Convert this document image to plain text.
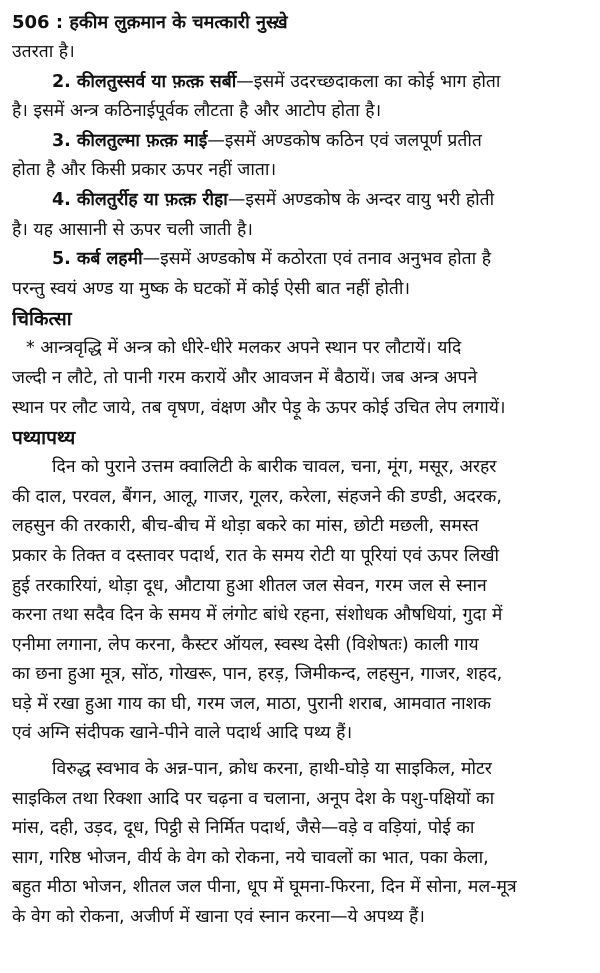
506 : हकीम लुक़मान के चमत्कारी नुस्ख़े
उतरता है।
2. कीलतुस्सर्व या फ़त्क़ सर्बी—इसमें उदरच्छदाकला का कोई भाग होता
है। इसमें अन्त्र कठिनाईपूर्वक लौटता है और आटोप होता है।
3. कीलतुल्मा फ़त्क़ माई—इसमें अण्डकोष कठिन एवं जलपूर्ण प्रतीत
होता है और किसी प्रकार ऊपर नहीं जाता।
4. कीलतुर्रीह या फ़त्क़ रीहा—इसमें अण्डकोष के अन्दर वायु भरी होती
है। यह आसानी से ऊपर चली जाती है।
5. कर्ब लहमी—इसमें अण्डकोष में कठोरता एवं तनाव अनुभव होता है
परन्तु स्वयं अण्ड या मुष्क के घटकों में कोई ऐसी बात नहीं होती।
चिकित्सा
* आन्त्रवृद्धि में अन्त्र को धीरे-धीरे मलकर अपने स्थान पर लौटायें। यदि
जल्दी न लौटे, तो पानी गरम करायें और आवजन में बैठायें। जब अन्त्र अपने
स्थान पर लौट जाये, तब वृषण, वंक्षण और पेड़ू के ऊपर कोई उचित लेप लगायें।
पथ्यापथ्य
दिन को पुराने उत्तम क्वालिटी के बारीक चावल, चना, मूंग, मसूर, अरहर
की दाल, परवल, बैंगन, आलू, गाजर, गूलर, करेला, संहजने की डण्डी, अदरक,
लहसुन की तरकारी, बीच-बीच में थोड़ा बकरे का मांस, छोटी मछली, समस्त
प्रकार के तिक्त व दस्तावर पदार्थ, रात के समय रोटी या पूरियां एवं ऊपर लिखी
हुई तरकारियां, थोड़ा दूध, औटाया हुआ शीतल जल सेवन, गरम जल से स्नान
करना तथा सदैव दिन के समय में लंगोट बांधे रहना, संशोधक औषधियां, गुदा में
एनीमा लगाना, लेप करना, कैस्टर ऑयल, स्वस्थ देसी (विशेषतः) काली गाय
का छना हुआ मूत्र, सोंठ, गोखरू, पान, हरड़, जिमीकन्द, लहसुन, गाजर, शहद,
घड़े में रखा हुआ गाय का घी, गरम जल, माठा, पुरानी शराब, आमवात नाशक
एवं अग्नि संदीपक खाने-पीने वाले पदार्थ आदि पथ्य हैं।
विरुद्ध स्वभाव के अन्न-पान, क्रोध करना, हाथी-घोड़े या साइकिल, मोटर
साइकिल तथा रिक्शा आदि पर चढ़ना व चलाना, अनूप देश के पशु-पक्षियों का
मांस, दही, उड़द, दूध, पिट्ठी से निर्मित पदार्थ, जैसे—वड़े व वड़ियां, पोई का
साग, गरिष्ठ भोजन, वीर्य के वेग को रोकना, नये चावलों का भात, पका केला,
बहुत मीठा भोजन, शीतल जल पीना, धूप में घूमना-फिरना, दिन में सोना, मल-मूत्र
के वेग को रोकना, अजीर्ण में खाना एवं स्नान करना—ये अपथ्य हैं।
